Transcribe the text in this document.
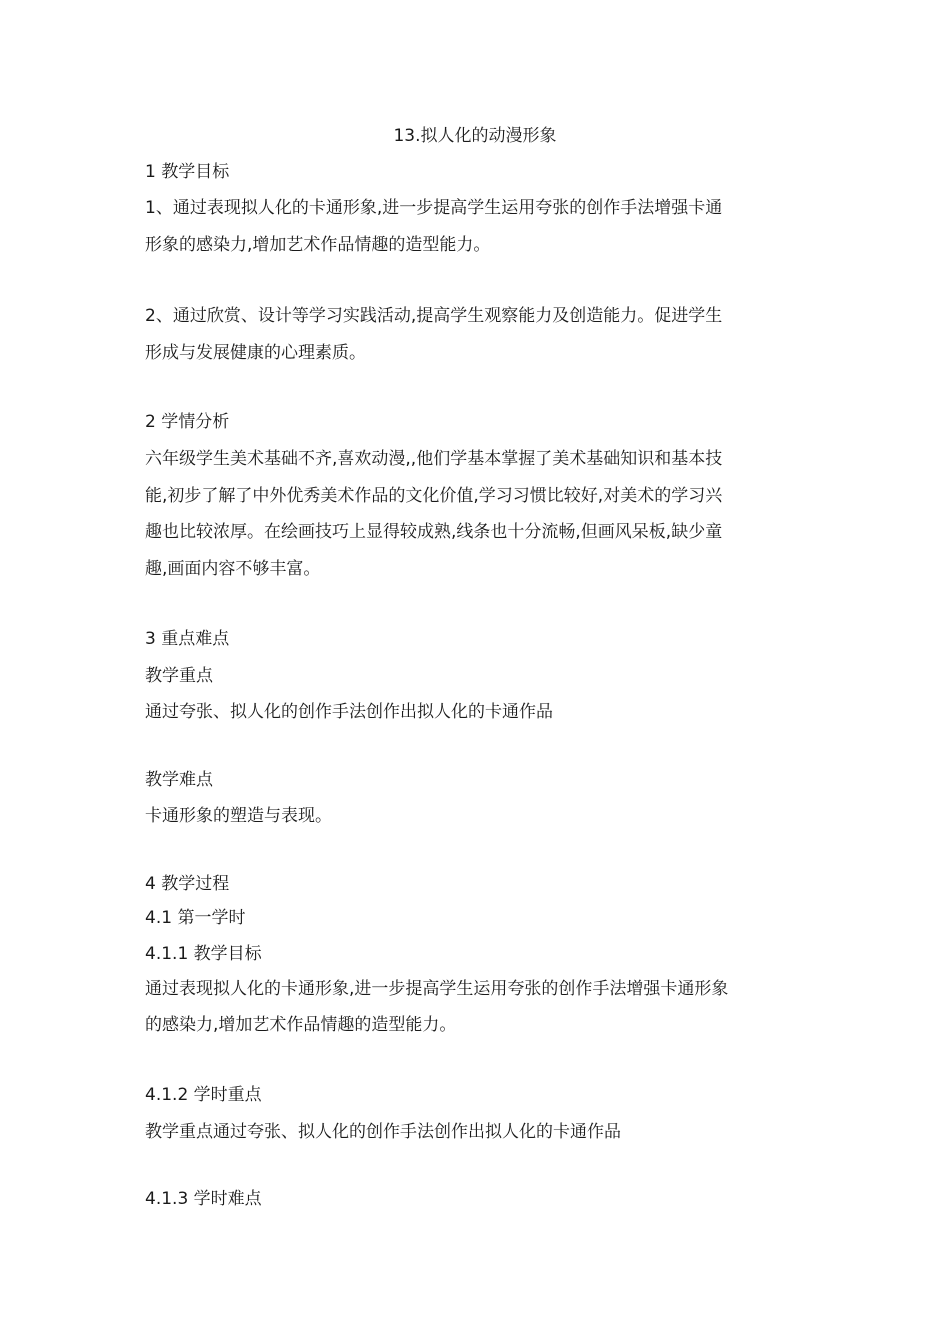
13.拟人化的动漫形象

1 教学目标

1、通过表现拟人化的卡通形象,进一步提高学生运用夸张的创作手法增强卡通

形象的感染力,增加艺术作品情趣的造型能力。

2、通过欣赏、设计等学习实践活动,提高学生观察能力及创造能力。促进学生

形成与发展健康的心理素质。

2 学情分析

六年级学生美术基础不齐,喜欢动漫,,他们学基本掌握了美术基础知识和基本技

能,初步了解了中外优秀美术作品的文化价值,学习习惯比较好,对美术的学习兴

趣也比较浓厚。在绘画技巧上显得较成熟,线条也十分流畅,但画风呆板,缺少童

趣,画面内容不够丰富。

3 重点难点

教学重点

通过夸张、拟人化的创作手法创作出拟人化的卡通作品

教学难点

卡通形象的塑造与表现。

4 教学过程

4.1 第一学时

4.1.1 教学目标

通过表现拟人化的卡通形象,进一步提高学生运用夸张的创作手法增强卡通形象

的感染力,增加艺术作品情趣的造型能力。

4.1.2 学时重点

教学重点通过夸张、拟人化的创作手法创作出拟人化的卡通作品

4.1.3 学时难点
